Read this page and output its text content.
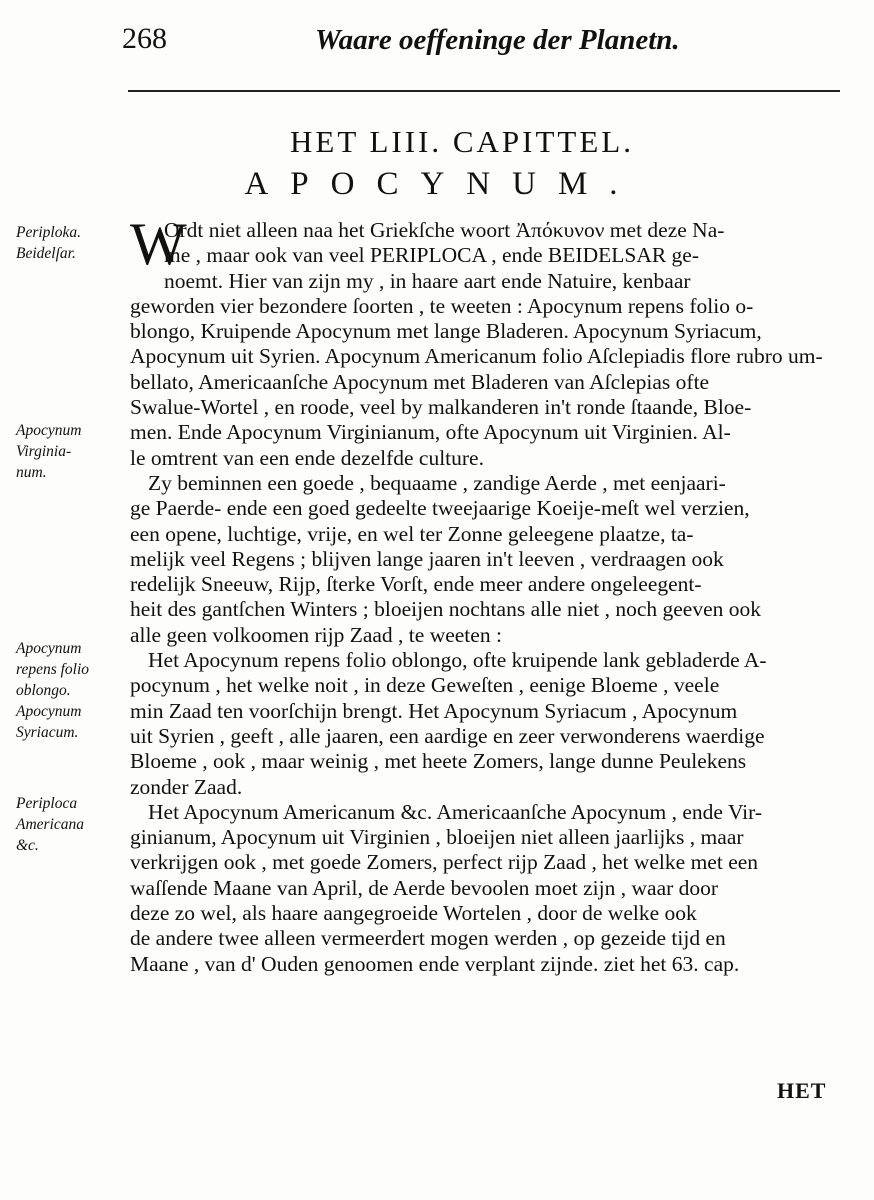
268	Waare oeffeninge der Planetn.
HET LIII. CAPITTEL.
APOCYNUM.
W
Ordt niet alleen naa het Griekſche woort Ἀπόκυνον met deze Na-
me , maar ook van veel PERIPLOCA , ende BEIDELSAR ge-
noemt. Hier van zijn my , in haare aart ende Natuire, kenbaar
geworden vier bezondere ſoorten , te weeten : Apocynum repens folio o-
blongo, Kruipende Apocynum met lange Bladeren. Apocynum Syriacum,
Apocynum uit Syrien. Apocynum Americanum folio Aſclepiadis flore rubro um-
bellato, Americaanſche Apocynum met Bladeren van Aſclepias ofte
Swalue-Wortel , en roode, veel by malkanderen in't ronde ſtaande, Bloe-
men. Ende Apocynum Virginianum, ofte Apocynum uit Virginien. Al-
le omtrent van een ende dezelfde culture.
Zy beminnen een goede , bequaame , zandige Aerde , met eenjaari-
ge Paerde- ende een goed gedeelte tweejaarige Koeije-meſt wel verzien,
een opene, luchtige, vrije, en wel ter Zonne geleegene plaatze, ta-
melijk veel Regens ; blijven lange jaaren in't leeven , verdraagen ook
redelijk Sneeuw, Rijp, ſterke Vorſt, ende meer andere ongeleegent-
heit des gantſchen Winters ; bloeijen nochtans alle niet , noch geeven ook
alle geen volkoomen rijp Zaad , te weeten :
Het Apocynum repens folio oblongo, ofte kruipende lank gebladerde A-
pocynum , het welke noit , in deze Geweſten , eenige Bloeme , veele
min Zaad ten voorſchijn brengt. Het Apocynum Syriacum , Apocynum
uit Syrien , geeft , alle jaaren, een aardige en zeer verwonderens waerdige
Bloeme , ook , maar weinig , met heete Zomers, lange dunne Peulekens
zonder Zaad.
Het Apocynum Americanum &c. Americaanſche Apocynum , ende Vir-
ginianum, Apocynum uit Virginien , bloeijen niet alleen jaarlijks , maar
verkrijgen ook , met goede Zomers, perfect rijp Zaad , het welke met een
waſſende Maane van April, de Aerde bevoolen moet zijn , waar door
deze zo wel, als haare aangegroeide Wortelen , door de welke ook
de andere twee alleen vermeerdert mogen werden , op gezeide tijd en
Maane , van d' Ouden genoomen ende verplant zijnde. ziet het 63. cap.
Periploka.
Beidelſar.
Apocynum
Virginia-
num.
Apocynum
repens folio
oblongo.
Apocynum
Syriacum.
Periploca
Americana
&c.
HET
